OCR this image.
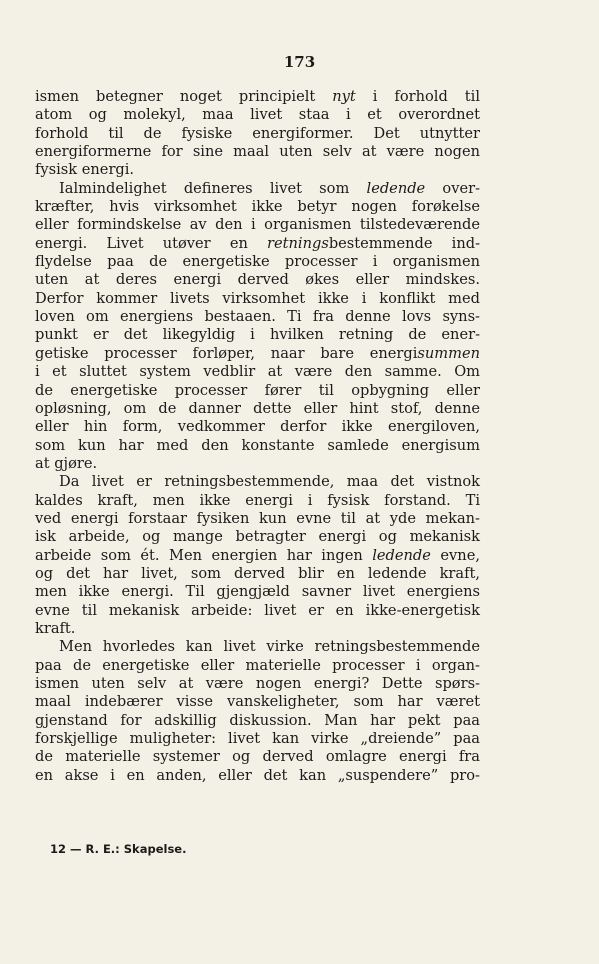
173
ismen betegner noget principielt nyt i forhold til
atom og molekyl, maa livet staa i et overordnet
forhold til de fysiske energiformer. Det utnytter
energiformerne for sine maal uten selv at være nogen
fysisk energi.
Ialmindelighet defineres livet som ledende over-
kræfter, hvis virksomhet ikke betyr nogen forøkelse
eller formindskelse av den i organismen tilstedeværende
energi. Livet utøver en retningsbestemmende ind-
flydelse paa de energetiske processer i organismen
uten at deres energi derved økes eller mindskes.
Derfor kommer livets virksomhet ikke i konflikt med
loven om energiens bestaaen. Ti fra denne lovs syns-
punkt er det likegyldig i hvilken retning de ener-
getiske processer forløper, naar bare energisummen
i et sluttet system vedblir at være den samme. Om
de energetiske processer fører til opbygning eller
opløsning, om de danner dette eller hint stof, denne
eller hin form, vedkommer derfor ikke energiloven,
som kun har med den konstante samlede energisum
at gjøre.
Da livet er retningsbestemmende, maa det vistnok
kaldes kraft, men ikke energi i fysisk forstand. Ti
ved energi forstaar fysiken kun evne til at yde mekan-
isk arbeide, og mange betragter energi og mekanisk
arbeide som ét. Men energien har ingen ledende evne,
og det har livet, som derved blir en ledende kraft,
men ikke energi. Til gjengjæld savner livet energiens
evne til mekanisk arbeide: livet er en ikke-energetisk
kraft.
Men hvorledes kan livet virke retningsbestemmende
paa de energetiske eller materielle processer i organ-
ismen uten selv at være nogen energi? Dette spørs-
maal indebærer visse vanskeligheter, som har været
gjenstand for adskillig diskussion. Man har pekt paa
forskjellige muligheter: livet kan virke „dreiende” paa
de materielle systemer og derved omlagre energi fra
en akse i en anden, eller det kan „suspendere” pro-
12 — R. E.: Skapelse.
